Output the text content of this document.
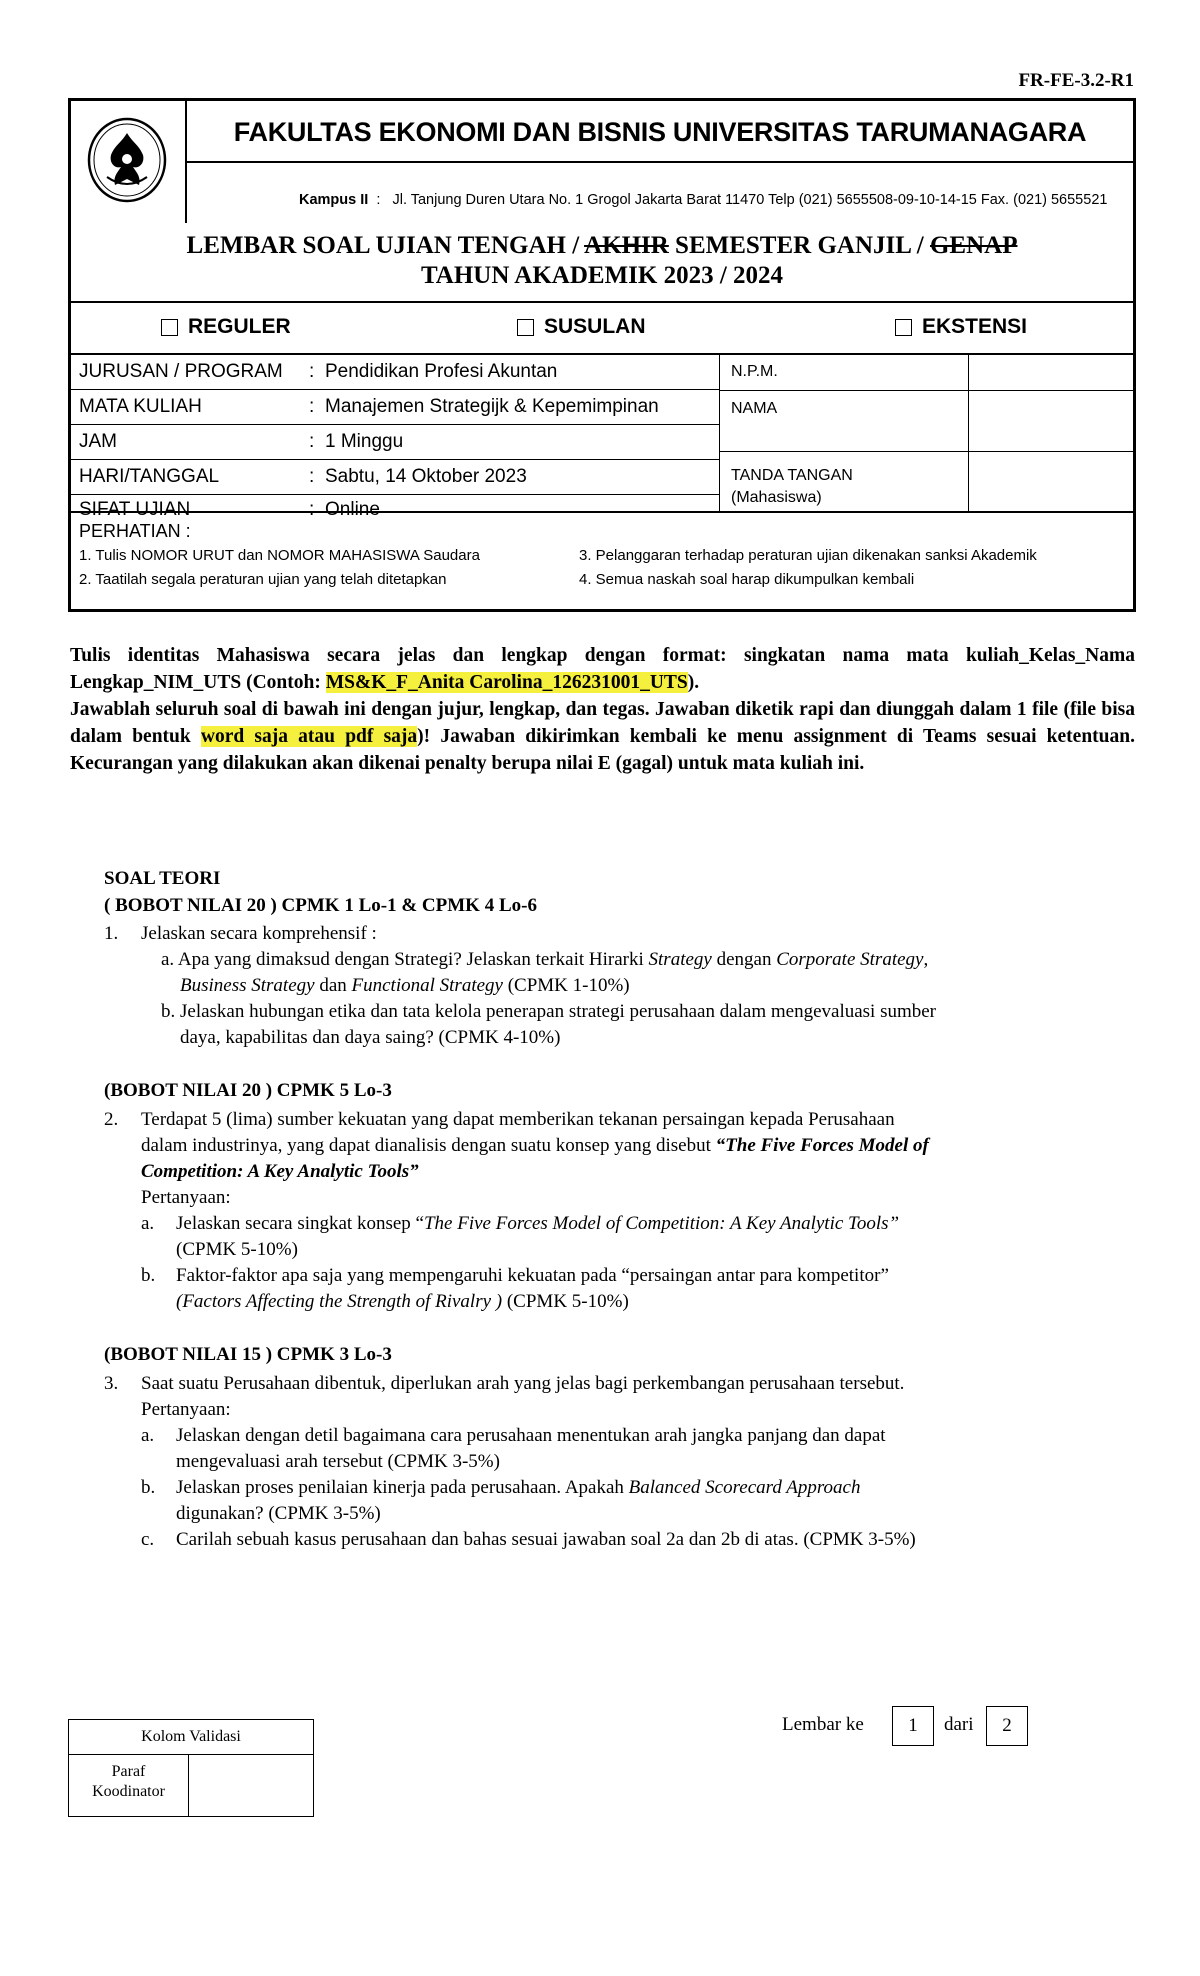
FR-FE-3.2-R1
FAKULTAS EKONOMI DAN BISNIS UNIVERSITAS TARUMANAGARA
Kampus II  :   Jl. Tanjung Duren Utara No. 1 Grogol Jakarta Barat 11470 Telp (021) 5655508-09-10-14-15 Fax. (021) 5655521
LEMBAR SOAL UJIAN TENGAH / AKHIR SEMESTER GANJIL / GENAP
TAHUN AKADEMIK 2023 / 2024
REGULER	SUSULAN	EKSTENSI
JURUSAN / PROGRAM : Pendidikan Profesi Akuntan
MATA KULIAH	: Manajemen Strategijk & Kepemimpinan
JAM	: 1 Minggu
HARI/TANGGAL	: Sabtu, 14 Oktober 2023
SIFAT UJIAN	: Online
N.P.M.
NAMA
TANDA TANGAN
(Mahasiswa)
PERHATIAN :
1. Tulis NOMOR URUT dan NOMOR MAHASISWA Saudara
2. Taatilah segala peraturan ujian yang telah ditetapkan
3. Pelanggaran terhadap peraturan ujian dikenakan sanksi Akademik
4. Semua naskah soal harap dikumpulkan kembali
Tulis identitas Mahasiswa secara jelas dan lengkap dengan format: singkatan nama mata kuliah_Kelas_Nama Lengkap_NIM_UTS (Contoh: MS&K_F_Anita Carolina_126231001_UTS).
Jawablah seluruh soal di bawah ini dengan jujur, lengkap, dan tegas. Jawaban diketik rapi dan diunggah dalam 1 file (file bisa dalam bentuk word saja atau pdf saja)! Jawaban dikirimkan kembali ke menu assignment di Teams sesuai ketentuan. Kecurangan yang dilakukan akan dikenai penalty berupa nilai E (gagal) untuk mata kuliah ini.
SOAL TEORI
( BOBOT NILAI 20 ) CPMK 1 Lo-1 & CPMK 4 Lo-6
1. Jelaskan secara komprehensif :
a. Apa yang dimaksud dengan Strategi? Jelaskan terkait Hirarki Strategy dengan Corporate Strategy,
Business Strategy dan Functional Strategy (CPMK 1-10%)
b. Jelaskan hubungan etika dan tata kelola penerapan strategi perusahaan dalam mengevaluasi sumber
daya, kapabilitas dan daya saing? (CPMK 4-10%)
(BOBOT NILAI 20 ) CPMK 5 Lo-3
2. Terdapat 5 (lima) sumber kekuatan yang dapat memberikan tekanan persaingan kepada Perusahaan
dalam industrinya, yang dapat dianalisis dengan suatu konsep yang disebut “The Five Forces Model of
Competition: A Key Analytic Tools”
Pertanyaan:
a. Jelaskan secara singkat konsep “The Five Forces Model of Competition: A Key Analytic Tools”
(CPMK 5-10%)
b. Faktor-faktor apa saja yang mempengaruhi kekuatan pada “persaingan antar para kompetitor”
(Factors Affecting the Strength of Rivalry ) (CPMK 5-10%)
(BOBOT NILAI 15 ) CPMK 3 Lo-3
3. Saat suatu Perusahaan dibentuk, diperlukan arah yang jelas bagi perkembangan perusahaan tersebut.
Pertanyaan:
a. Jelaskan dengan detil bagaimana cara perusahaan menentukan arah jangka panjang dan dapat
mengevaluasi arah tersebut (CPMK 3-5%)
b. Jelaskan proses penilaian kinerja pada perusahaan. Apakah Balanced Scorecard Approach
digunakan? (CPMK 3-5%)
c. Carilah sebuah kasus perusahaan dan bahas sesuai jawaban soal 2a dan 2b di atas. (CPMK 3-5%)
Kolom Validasi
Paraf
Koodinator
Lembar ke	1	dari	2
